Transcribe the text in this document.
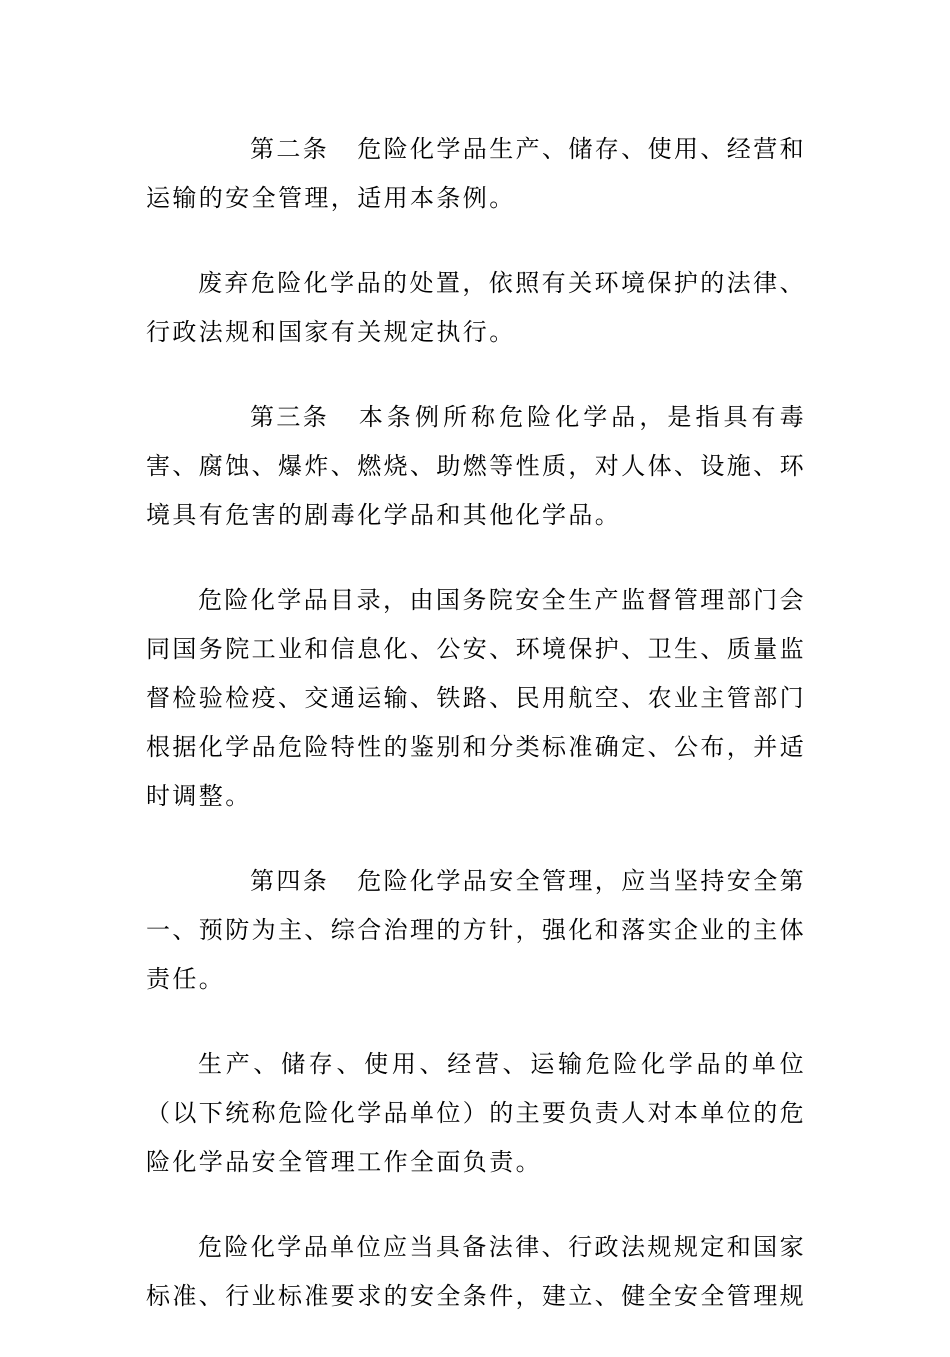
第二条 危险化学品生产、储存、使用、经营和运输的安全管理，适用本条例。

废弃危险化学品的处置，依照有关环境保护的法律、行政法规和国家有关规定执行。

第三条 本条例所称危险化学品，是指具有毒害、腐蚀、爆炸、燃烧、助燃等性质，对人体、设施、环境具有危害的剧毒化学品和其他化学品。

危险化学品目录，由国务院安全生产监督管理部门会同国务院工业和信息化、公安、环境保护、卫生、质量监督检验检疫、交通运输、铁路、民用航空、农业主管部门根据化学品危险特性的鉴别和分类标准确定、公布，并适时调整。

第四条 危险化学品安全管理，应当坚持安全第一、预防为主、综合治理的方针，强化和落实企业的主体责任。

生产、储存、使用、经营、运输危险化学品的单位（以下统称危险化学品单位）的主要负责人对本单位的危险化学品安全管理工作全面负责。

危险化学品单位应当具备法律、行政法规规定和国家标准、行业标准要求的安全条件，建立、健全安全管理规
